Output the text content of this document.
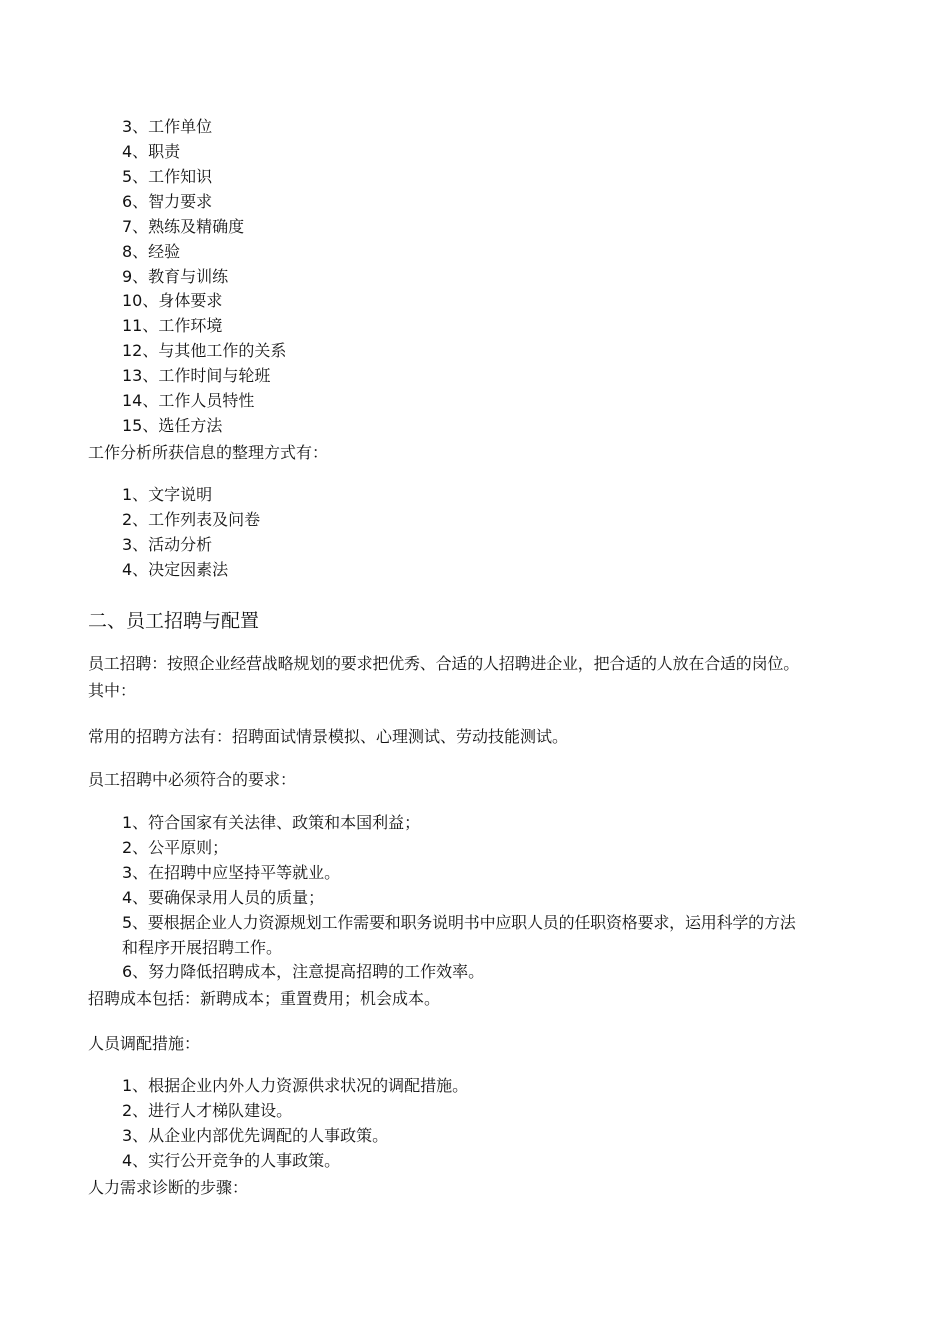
3、工作单位
4、职责
5、工作知识
6、智力要求
7、熟练及精确度
8、经验
9、教育与训练
10、身体要求
11、工作环境
12、与其他工作的关系
13、工作时间与轮班
14、工作人员特性
15、选任方法
工作分析所获信息的整理方式有：
1、文字说明
2、工作列表及问卷
3、活动分析
4、决定因素法
二、员工招聘与配置
员工招聘：按照企业经营战略规划的要求把优秀、合适的人招聘进企业，把合适的人放在合适的岗位。
其中：
常用的招聘方法有：招聘面试情景模拟、心理测试、劳动技能测试。
员工招聘中必须符合的要求：
1、符合国家有关法律、政策和本国利益；
2、公平原则；
3、在招聘中应坚持平等就业。
4、要确保录用人员的质量；
5、要根据企业人力资源规划工作需要和职务说明书中应职人员的任职资格要求，运用科学的方法
和程序开展招聘工作。
6、努力降低招聘成本，注意提高招聘的工作效率。
招聘成本包括：新聘成本；重置费用；机会成本。
人员调配措施：
1、根据企业内外人力资源供求状况的调配措施。
2、进行人才梯队建设。
3、从企业内部优先调配的人事政策。
4、实行公开竞争的人事政策。
人力需求诊断的步骤：
